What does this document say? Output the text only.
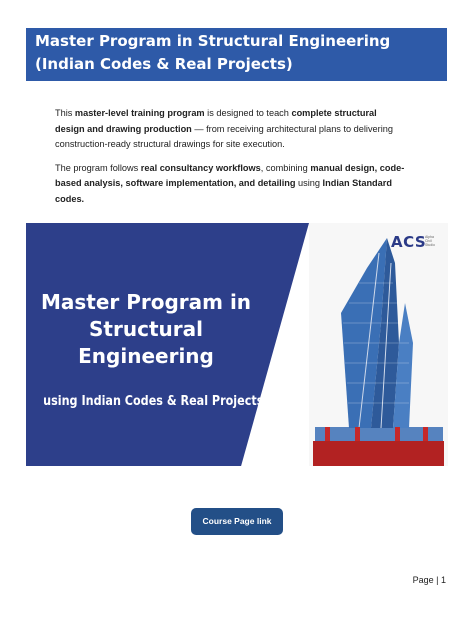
Master Program in Structural Engineering
(Indian Codes & Real Projects)

This master-level training program is designed to teach complete structural design and drawing production — from receiving architectural plans to delivering construction-ready structural drawings for site execution.

The program follows real consultancy workflows, combining manual design, code-based analysis, software implementation, and detailing using Indian Standard codes.

Master Program in
Structural
Engineering
using Indian Codes & Real Projects
ACS
Alpha
Civil
Studio
Course Page link
Page | 1
